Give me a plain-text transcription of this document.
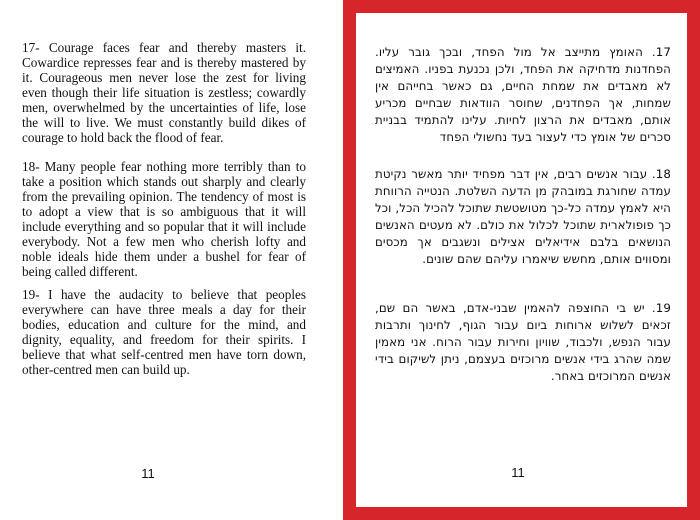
17- Courage faces fear and thereby masters it. Cowardice represses fear and is thereby mastered by it. Courageous men never lose the zest for living even though their life situation is zestless; cowardly men, overwhelmed by the uncertainties of life, lose the will to live. We must constantly build dikes of courage to hold back the flood of fear.

18- Many people fear nothing more terribly than to take a position which stands out sharply and clearly from the prevailing opinion. The tendency of most is to adopt a view that is so ambiguous that it will include everything and so popular that it will include everybody. Not a few men who cherish lofty and noble ideals hide them under a bushel for fear of being called different.

19- I have the audacity to believe that peoples everywhere can have three meals a day for their bodies, education and culture for the mind, and dignity, equality, and freedom for their spirits. I believe that what self-centred men have torn down, other-centred men can build up.

11

17. האומץ מתייצב אל מול הפחד, ובכך גובר עליו. הפחדנות מדחיקה את הפחד, ולכן נכנעת בפניו. האמיצים לא מאבדים את שמחת החיים, גם כאשר בחייהם אין שמחות, אך הפחדנים, שחוסר הוודאות שבחיים מכריע אותם, מאבדים את הרצון לחיות. עלינו להתמיד בבניית סכרים של אומץ כדי לעצור בעד נחשולי הפחד

18. עבור אנשים רבים, אין דבר מפחיד יותר מאשר נקיטת עמדה שחורגת במובהק מן הדעה השלטת. הנטייה הרווחת היא לאמץ עמדה כל-כך מטושטשת שתוכל להכיל הכל, וכל כך פופולארית שתוכל לכלול את כולם. לא מעטים האנשים הנושאים בלבם אידיאלים אצילים ונשגבים אך מכסים ומסווים אותם, מחשש שיאמרו עליהם שהם שונים.

19. יש בי החוצפה להאמין שבני-אדם, באשר הם שם, זכאים לשלוש ארוחות ביום עבור הגוף, לחינוך ותרבות עבור הנפש, ולכבוד, שוויון וחירות עבור הרוח. אני מאמין שמה שהרג בידי אנשים מרוכזים בעצמם, ניתן לשיקום בידי אנשים המרוכזים באחר.

11
